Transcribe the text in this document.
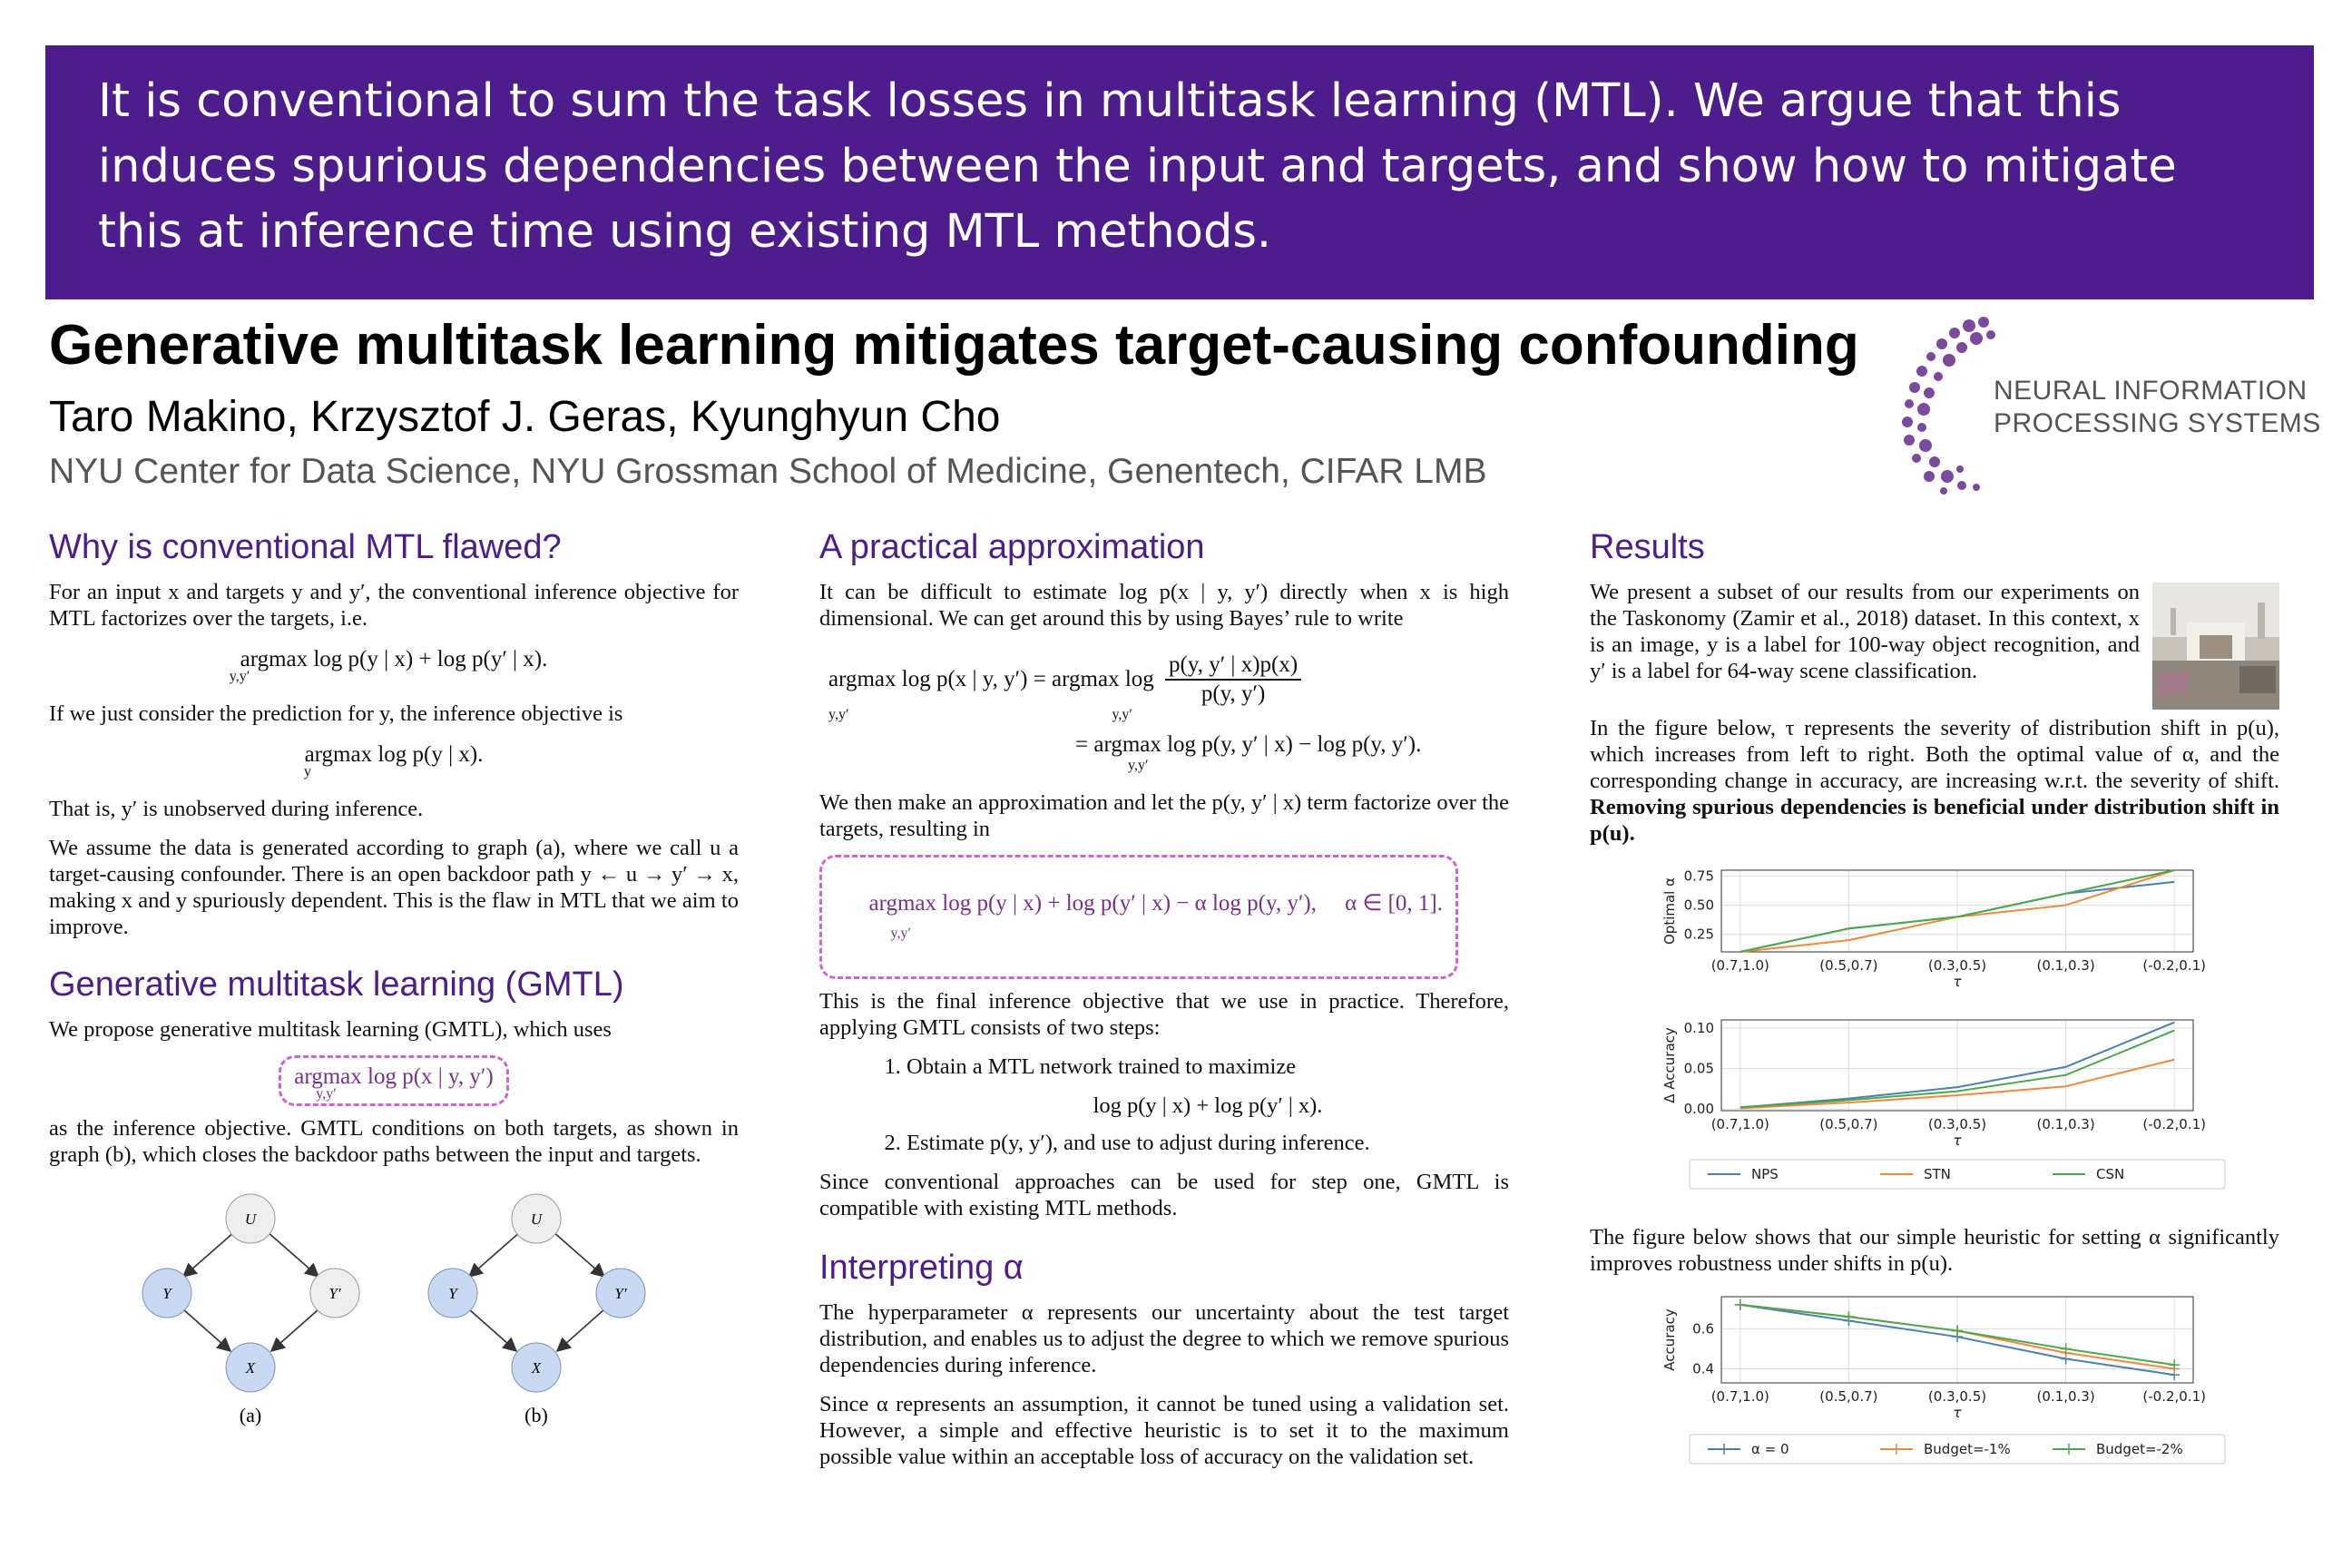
It is conventional to sum the task losses in multitask learning (MTL). We argue that this induces spurious dependencies between the input and targets, and show how to mitigate this at inference time using existing MTL methods.
Generative multitask learning mitigates target-causing confounding
Taro Makino, Krzysztof J. Geras, Kyunghyun Cho
NYU Center for Data Science, NYU Grossman School of Medicine, Genentech, CIFAR LMB
NEURAL INFORMATION
PROCESSING SYSTEMS
Why is conventional MTL flawed?

For an input x and targets y and y′, the conventional inference objective for MTL factorizes over the targets, i.e.

argmax log p(y | x) + log p(y′ | x).
y,y′

If we just consider the prediction for y, the inference objective is

argmax log p(y | x).
y

That is, y′ is unobserved during inference.

We assume the data is generated according to graph (a), where we call u a target-causing confounder. There is an open backdoor path y ← u → y′ → x, making x and y spuriously dependent. This is the flaw in MTL that we aim to improve.

Generative multitask learning (GMTL)

We propose generative multitask learning (GMTL), which uses

argmax log p(x | y, y′)
y,y′

as the inference objective. GMTL conditions on both targets, as shown in graph (b), which closes the backdoor paths between the input and targets.

U
Y	Y′
X
(a)
U
Y	Y′
X
(b)
A practical approximation

It can be difficult to estimate log p(x | y, y′) directly when x is high dimensional. We can get around this by using Bayes’ rule to write

argmax log p(x | y, y′) = argmax $\log \frac{p(y, y' | x)p(x)}{p(y, y')}$
y,y′	y,y′
= argmax log p(y, y′ | x) − log p(y, y′).
y,y′

We then make an approximation and let the p(y, y′ | x) term factorize over the targets, resulting in

argmax log p(y | x) + log p(y′ | x) − α log p(y, y′),     α ∈ [0, 1].
y,y′

This is the final inference objective that we use in practice. Therefore, applying GMTL consists of two steps:

1. Obtain a MTL network trained to maximize
log p(y | x) + log p(y′ | x).
2. Estimate p(y, y′), and use to adjust during inference.

Since conventional approaches can be used for step one, GMTL is compatible with existing MTL methods.

Interpreting α

The hyperparameter α represents our uncertainty about the test target distribution, and enables us to adjust the degree to which we remove spurious dependencies during inference.

Since α represents an assumption, it cannot be tuned using a validation set. However, a simple and effective heuristic is to set it to the maximum possible value within an acceptable loss of accuracy on the validation set.

Results

We present a subset of our results from our experiments on the Taskonomy (Zamir et al., 2018) dataset. In this context, x is an image, y is a label for 100-way object recognition, and y′ is a label for 64-way scene classification.

In the figure below, τ represents the severity of distribution shift in p(u), which increases from left to right. Both the optimal value of α, and the corresponding change in accuracy, are increasing w.r.t. the severity of shift. Removing spurious dependencies is beneficial under distribution shift in p(u).

(0.7,1.0)	(0.5,0.7)	(0.3,0.5)	(0.1,0.3)	(-0.2,0.1)
0.25
0.50
0.75
τ
Optimal α
(0.7,1.0)	(0.5,0.7)	(0.3,0.5)	(0.1,0.3)	(-0.2,0.1)
0.00
0.05
0.10
τ
Δ Accuracy
NPS	STN	CSN

The figure below shows that our simple heuristic for setting α significantly improves robustness under shifts in p(u).

(0.7,1.0)	(0.5,0.7)	(0.3,0.5)	(0.1,0.3)	(-0.2,0.1)
0.4
0.6
τ
Accuracy
α = 0	Budget=-1%	Budget=-2%
